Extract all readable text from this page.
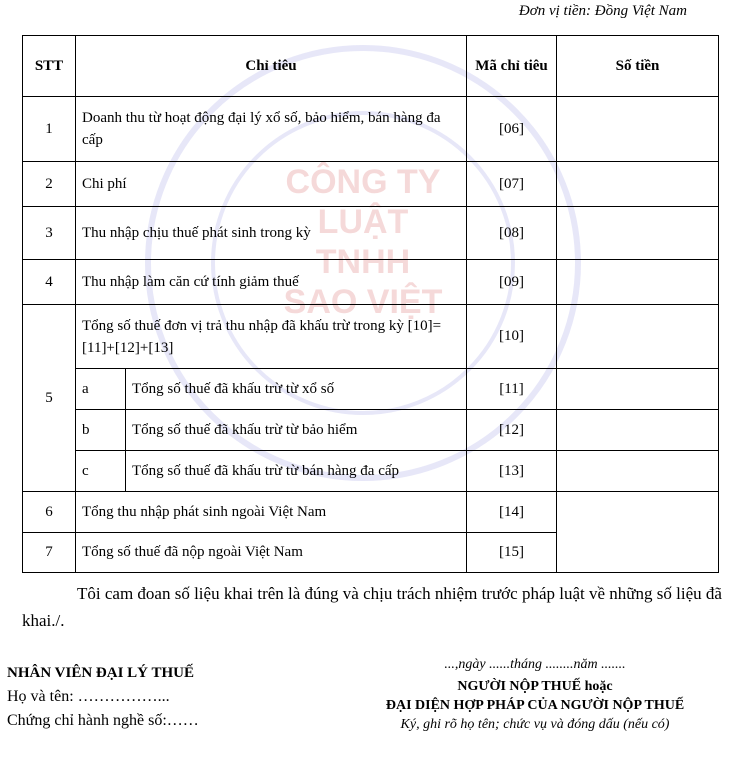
Đơn vị tiền: Đồng Việt Nam
CÔNG TY
LUẬT
TNHH
SAO VIỆT
STT	Chỉ tiêu		Mã chỉ tiêu	Số tiền
1	Doanh thu từ hoạt động đại lý xổ số, bảo hiểm, bán hàng đa cấp		[06]	
2	Chi phí		[07]	
3	Thu nhập chịu thuế phát sinh trong kỳ		[08]	
4	Thu nhập làm căn cứ tính giảm thuế		[09]	
5	Tổng số thuế đơn vị trả thu nhập đã khấu trừ trong kỳ [10]=[11]+[12]+[13]		[10]	
	a	Tổng số thuế đã khấu trừ từ xổ số	[11]	
	b	Tổng số thuế đã khấu trừ từ bảo hiểm	[12]	
	c	Tổng số thuế đã khấu trừ từ bán hàng đa cấp	[13]	
6	Tổng thu nhập phát sinh ngoài Việt Nam		[14]	
7	Tổng số thuế đã nộp ngoài Việt Nam		[15]	
Tôi cam đoan số liệu khai trên là đúng và chịu trách nhiệm trước pháp luật về những số liệu đã khai./.
NHÂN VIÊN ĐẠI LÝ THUẾ
Họ và tên: ……………...
Chứng chỉ hành nghề số:……
...,ngày ......tháng ........năm .......
NGƯỜI NỘP THUẾ hoặc
ĐẠI DIỆN HỢP PHÁP CỦA NGƯỜI NỘP THUẾ
Ký, ghi rõ họ tên; chức vụ và đóng dấu (nếu có)
